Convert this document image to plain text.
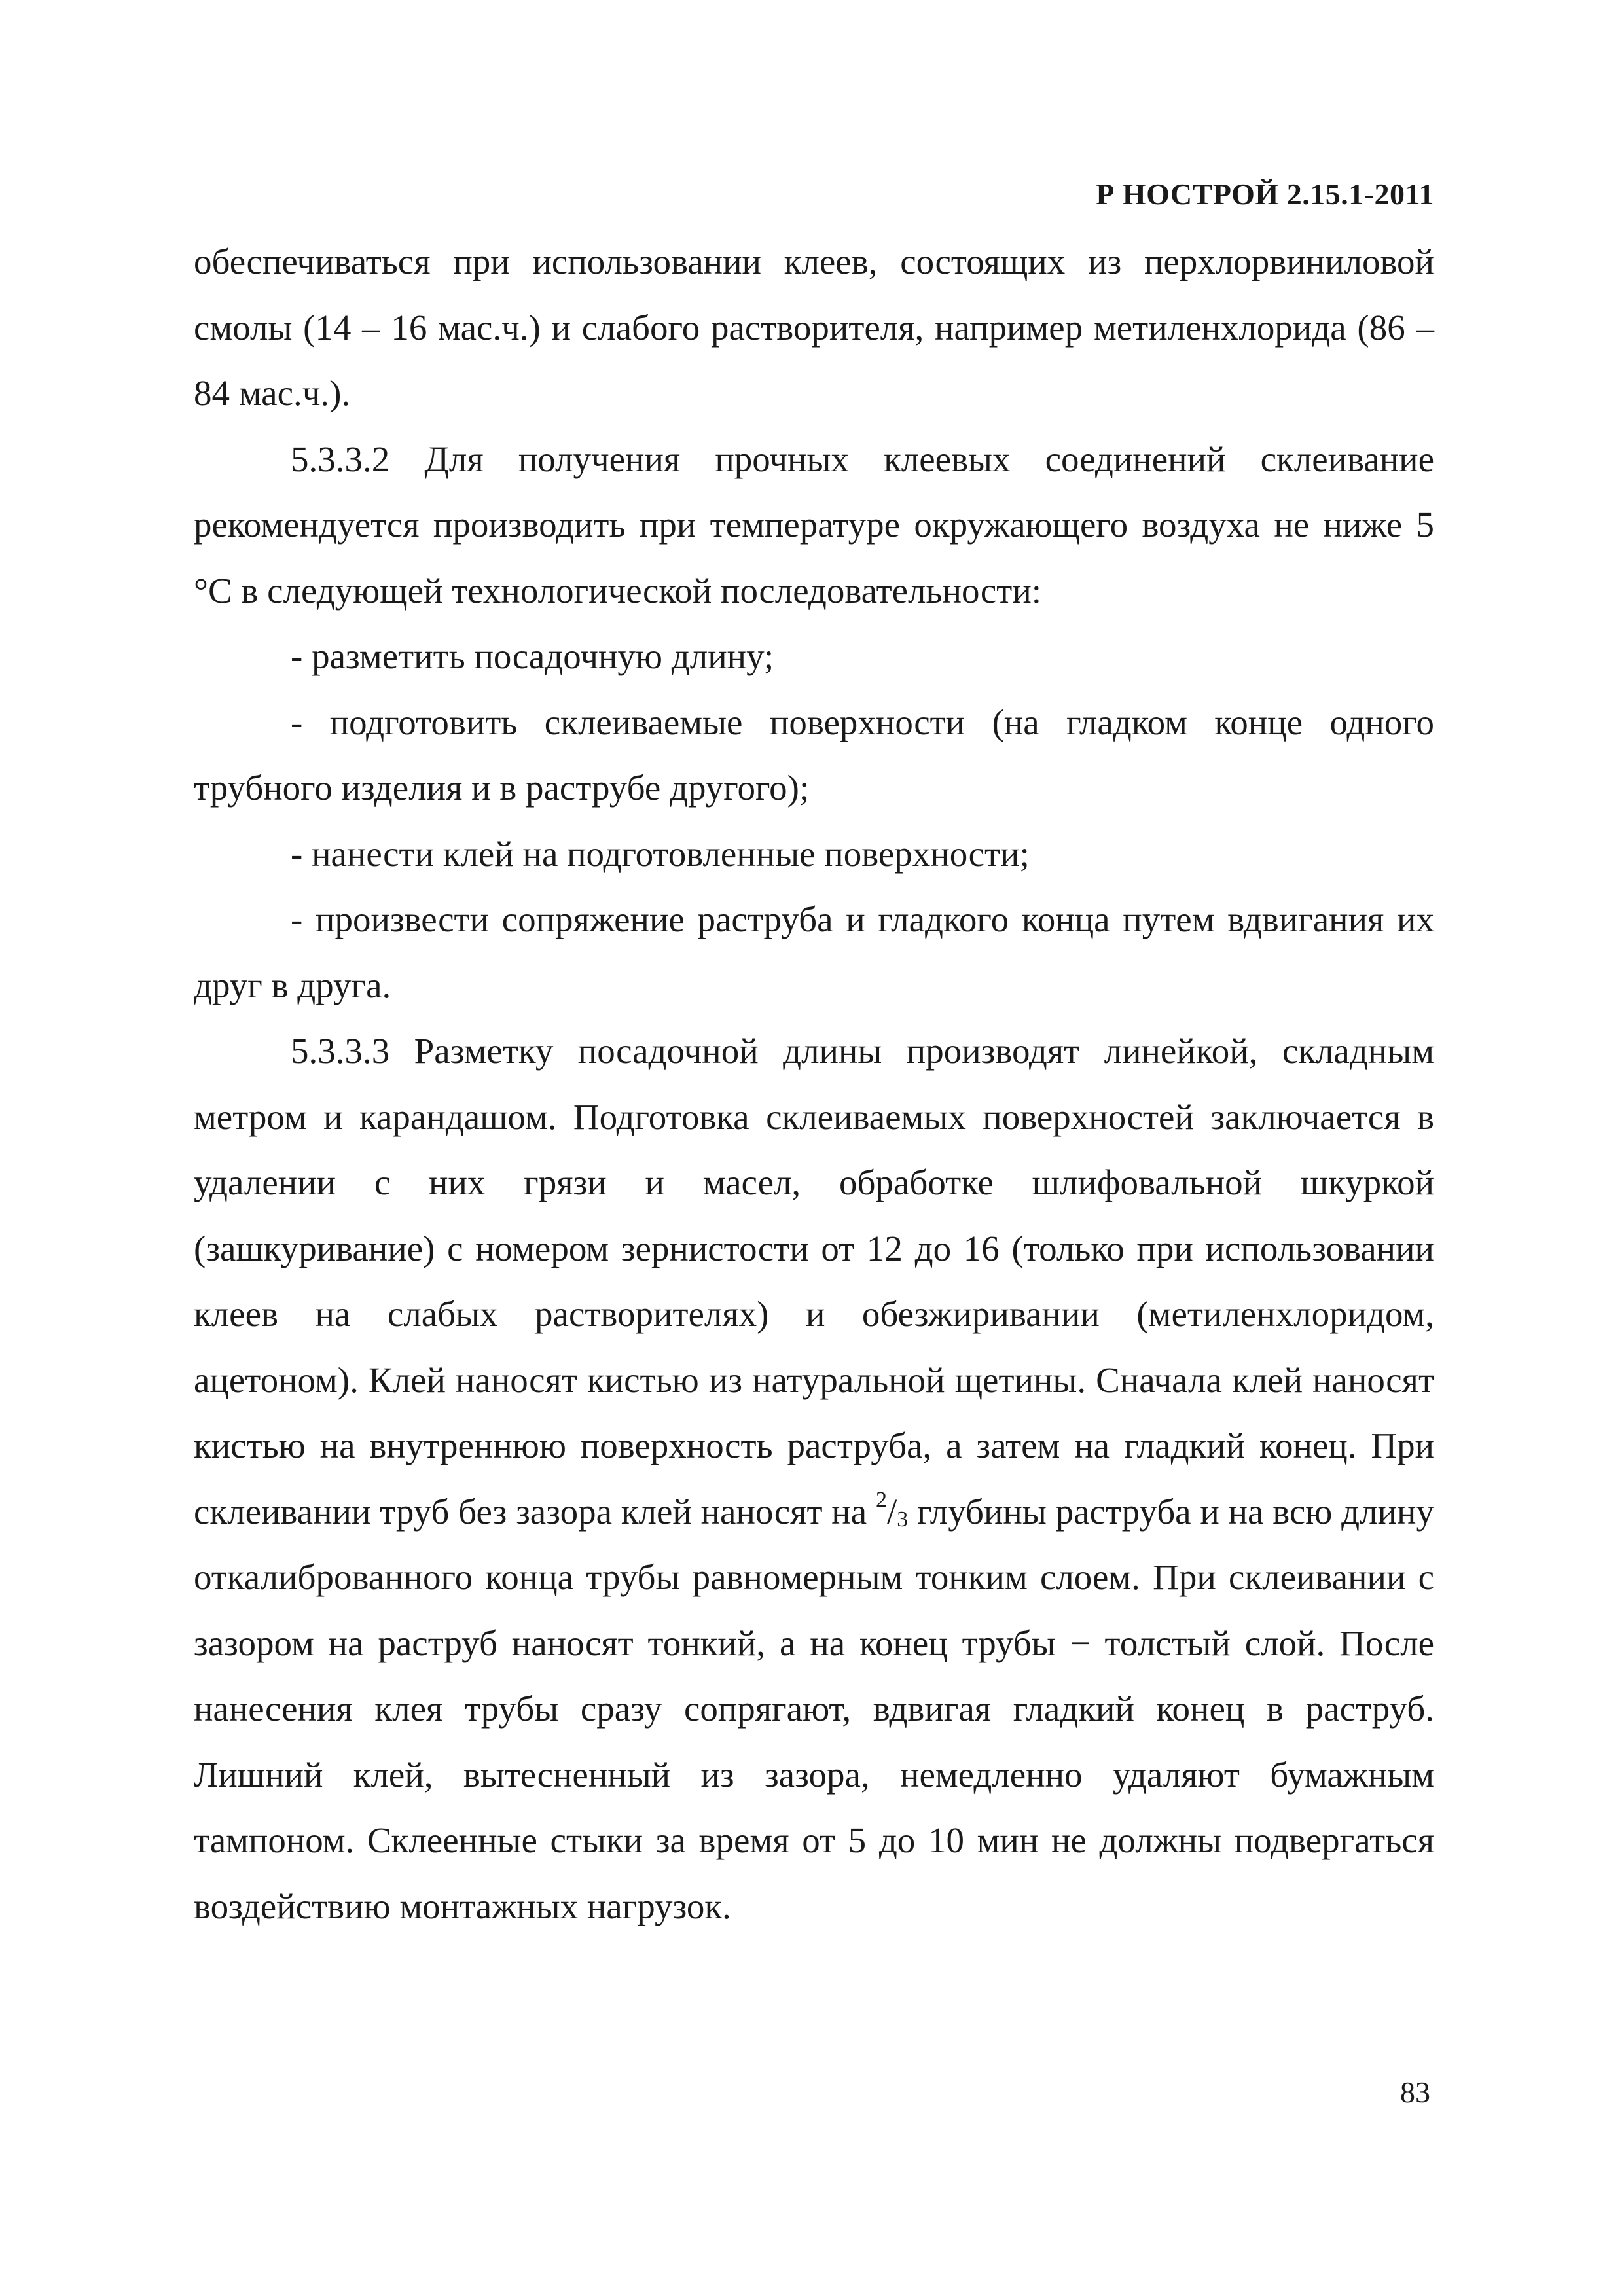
Р НОСТРОЙ 2.15.1-2011

обеспечиваться при использовании клеев, состоящих из перхлорвиниловой смолы (14 – 16 мас.ч.) и слабого растворителя, например метиленхлорида (86 – 84 мас.ч.).

5.3.3.2 Для получения прочных клеевых соединений склеивание рекомендуется производить при температуре окружающего воздуха не ниже 5 °С в следующей технологической последовательности:

- разметить посадочную длину;

- подготовить склеиваемые поверхности (на гладком конце одного трубного изделия и в раструбе другого);

- нанести клей на подготовленные поверхности;

- произвести сопряжение раструба и гладкого конца путем вдвигания их друг в друга.

5.3.3.3 Разметку посадочной длины производят линейкой, складным метром и карандашом. Подготовка склеиваемых поверхностей заключается в удалении с них грязи и масел, обработке шлифовальной шкуркой (зашкуривание) с номером зернистости от 12 до 16 (только при использовании клеев на слабых растворителях) и обезжиривании (метиленхлоридом, ацетоном). Клей наносят кистью из натуральной щетины. Сначала клей наносят кистью на внутреннюю поверхность раструба, а затем на гладкий конец. При склеивании труб без зазора клей наносят на $^2/_3$ глубины раструба и на всю длину откалиброванного конца трубы равномерным тонким слоем. При склеивании с зазором на раструб наносят тонкий, а на конец трубы − толстый слой. После нанесения клея трубы сразу сопрягают, вдвигая гладкий конец в раструб. Лишний клей, вытесненный из зазора, немедленно удаляют бумажным тампоном. Склеенные стыки за время от 5 до 10 мин не должны подвергаться воздействию монтажных нагрузок.

83
